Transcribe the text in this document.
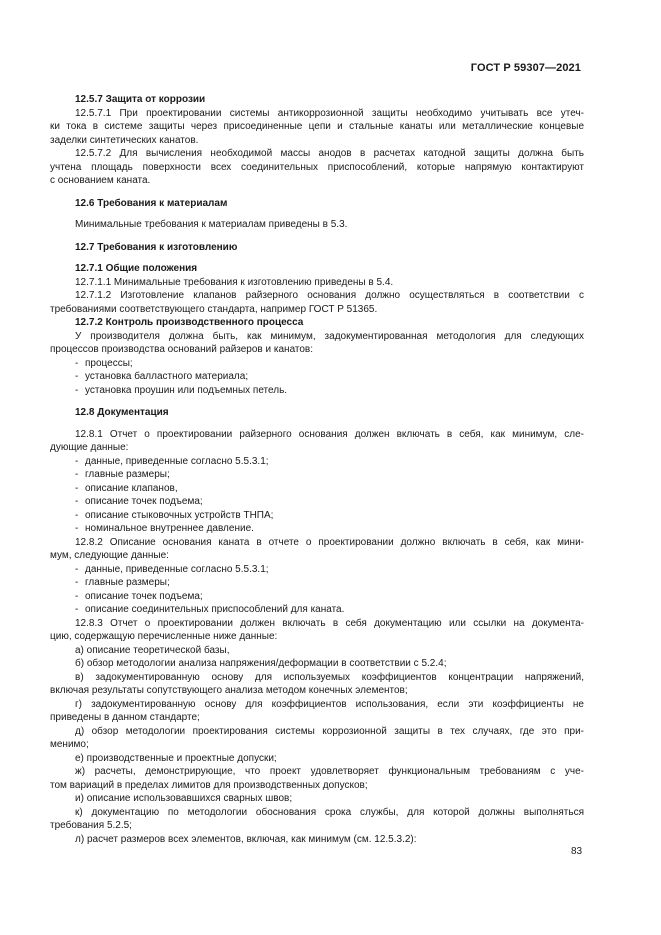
ГОСТ Р 59307—2021
12.5.7 Защита от коррозии
12.5.7.1 При проектировании системы антикоррозионной защиты необходимо учитывать все утеч-
ки тока в системе защиты через присоединенные цепи и стальные канаты или металлические концевые
заделки синтетических канатов.
12.5.7.2 Для вычисления необходимой массы анодов в расчетах катодной защиты должна быть
учтена площадь поверхности всех соединительных приспособлений, которые напрямую контактируют
с основанием каната.
12.6 Требования к материалам
Минимальные требования к материалам приведены в 5.3.
12.7 Требования к изготовлению
12.7.1 Общие положения
12.7.1.1 Минимальные требования к изготовлению приведены в 5.4.
12.7.1.2 Изготовление клапанов райзерного основания должно осуществляться в соответствии с
требованиями соответствующего стандарта, например ГОСТ Р 51365.
12.7.2 Контроль производственного процесса
У производителя должна быть, как минимум, задокументированная методология для следующих
процессов производства оснований райзеров и канатов:
- процессы;
- установка балластного материала;
- установка проушин или подъемных петель.
12.8 Документация
12.8.1 Отчет о проектировании райзерного основания должен включать в себя, как минимум, сле-
дующие данные:
- данные, приведенные согласно 5.5.3.1;
- главные размеры;
- описание клапанов,
- описание точек подъема;
- описание стыковочных устройств ТНПА;
- номинальное внутреннее давление.
12.8.2 Описание основания каната в отчете о проектировании должно включать в себя, как мини-
мум, следующие данные:
- данные, приведенные согласно 5.5.3.1;
- главные размеры;
- описание точек подъема;
- описание соединительных приспособлений для каната.
12.8.3 Отчет о проектировании должен включать в себя документацию или ссылки на документа-
цию, содержащую перечисленные ниже данные:
а) описание теоретической базы,
б) обзор методологии анализа напряжения/деформации в соответствии с 5.2.4;
в) задокументированную основу для используемых коэффициентов концентрации напряжений,
включая результаты сопутствующего анализа методом конечных элементов;
г) задокументированную основу для коэффициентов использования, если эти коэффициенты не
приведены в данном стандарте;
д) обзор методологии проектирования системы коррозионной защиты в тех случаях, где это при-
менимо;
е) производственные и проектные допуски;
ж) расчеты, демонстрирующие, что проект удовлетворяет функциональным требованиям с уче-
том вариаций в пределах лимитов для производственных допусков;
и) описание использовавшихся сварных швов;
к) документацию по методологии обоснования срока службы, для которой должны выполняться
требования 5.2.5;
л) расчет размеров всех элементов, включая, как минимум (см. 12.5.3.2):
83
